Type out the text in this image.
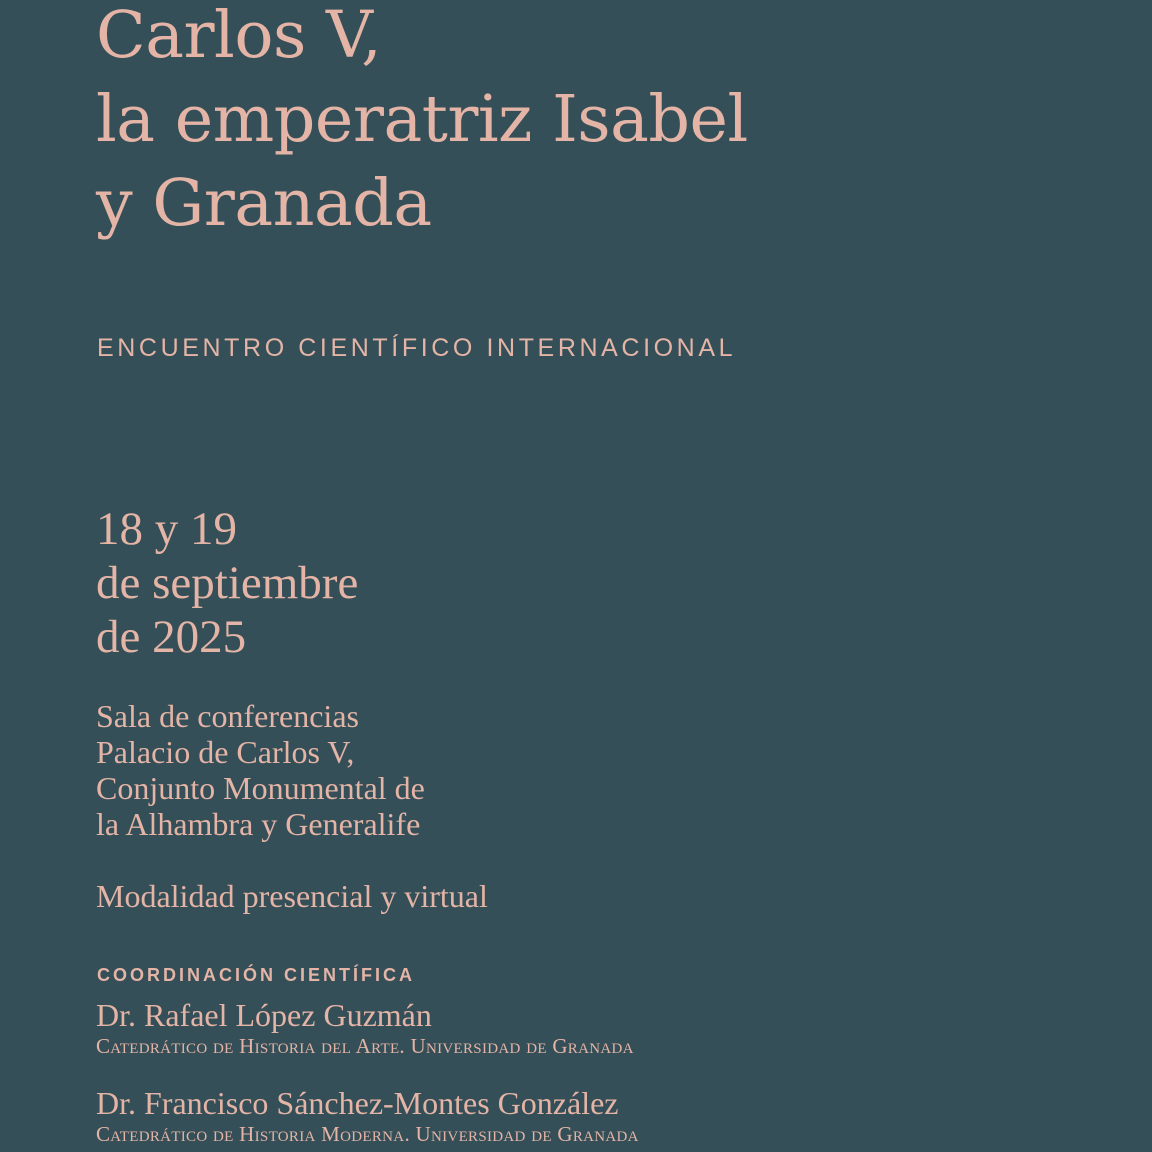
Carlos V,
la emperatriz Isabel
y Granada
ENCUENTRO CIENTÍFICO INTERNACIONAL
18 y 19
de septiembre
de 2025
Sala de conferencias
Palacio de Carlos V,
Conjunto Monumental de
la Alhambra y Generalife
Modalidad presencial y virtual
COORDINACIÓN CIENTÍFICA
Dr. Rafael López Guzmán
Catedrático de Historia del Arte. Universidad de Granada
Dr. Francisco Sánchez-Montes González
Catedrático de Historia Moderna. Universidad de Granada
